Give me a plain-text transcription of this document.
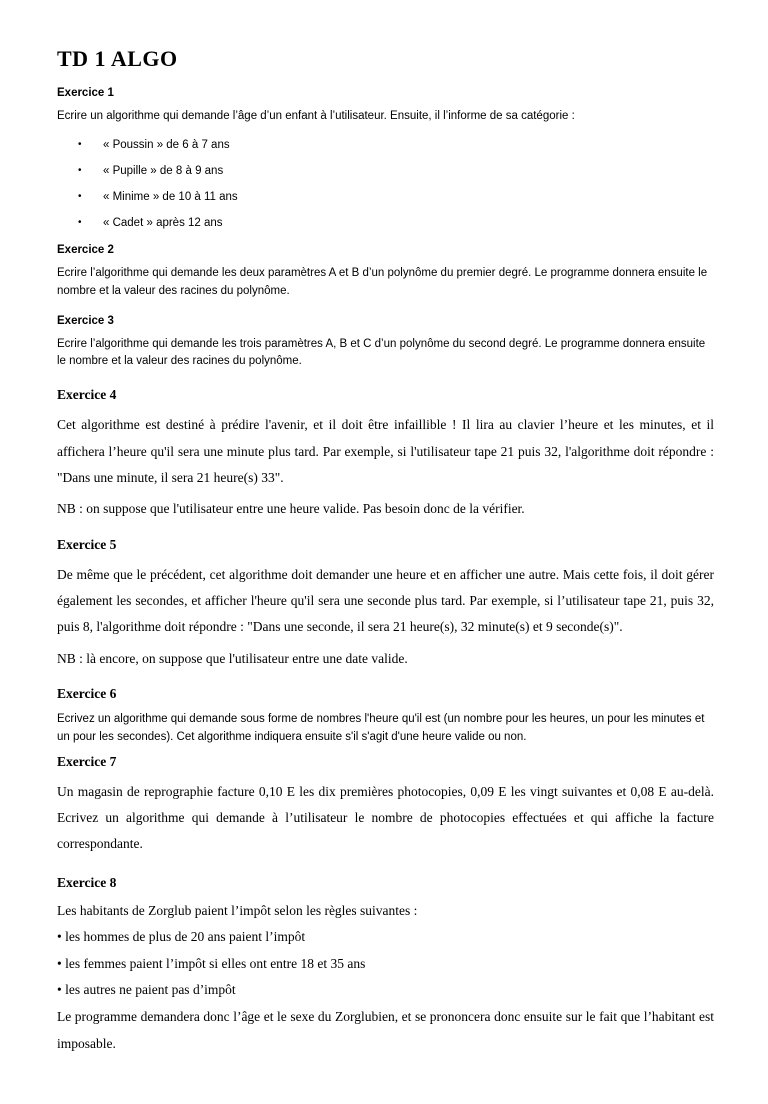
TD 1 ALGO
Exercice 1

Ecrire un algorithme qui demande l’âge d’un enfant à l’utilisateur. Ensuite, il l’informe de sa catégorie :

• « Poussin » de 6 à 7 ans
• « Pupille » de 8 à 9 ans
• « Minime » de 10 à 11 ans
• « Cadet » après 12 ans
Exercice 2

Ecrire l’algorithme qui demande les deux paramètres A et B d’un polynôme du premier degré. Le programme donnera ensuite le nombre et la valeur des racines du polynôme.

Exercice 3

Ecrire l’algorithme qui demande les trois paramètres A, B et C d’un polynôme du second degré. Le programme donnera ensuite le nombre et la valeur des racines du polynôme.

Exercice 4

Cet algorithme est destiné à prédire l'avenir, et il doit être infaillible ! Il lira au clavier l’heure et les minutes, et il affichera l’heure qu'il sera une minute plus tard. Par exemple, si l'utilisateur tape 21 puis 32, l'algorithme doit répondre : "Dans une minute, il sera 21 heure(s) 33".

NB : on suppose que l'utilisateur entre une heure valide. Pas besoin donc de la vérifier.

Exercice 5

De même que le précédent, cet algorithme doit demander une heure et en afficher une autre. Mais cette fois, il doit gérer également les secondes, et afficher l'heure qu'il sera une seconde plus tard. Par exemple, si l’utilisateur tape 21, puis 32, puis 8, l'algorithme doit répondre : "Dans une seconde, il sera 21 heure(s), 32 minute(s) et 9 seconde(s)".

NB : là encore, on suppose que l'utilisateur entre une date valide.

Exercice 6

Ecrivez un algorithme qui demande sous forme de nombres l'heure qu'il est (un nombre pour les heures, un pour les minutes et un pour les secondes). Cet algorithme indiquera ensuite s'il s'agit d'une heure valide ou non.

Exercice 7

Un magasin de reprographie facture 0,10 E les dix premières photocopies, 0,09 E les vingt suivantes et 0,08 E au-delà. Ecrivez un algorithme qui demande à l’utilisateur le nombre de photocopies effectuées et qui affiche la facture correspondante.

Exercice 8

Les habitants de Zorglub paient l’impôt selon les règles suivantes :

• les hommes de plus de 20 ans paient l’impôt
• les femmes paient l’impôt si elles ont entre 18 et 35 ans
• les autres ne paient pas d’impôt

Le programme demandera donc l’âge et le sexe du Zorglubien, et se prononcera donc ensuite sur le fait que l’habitant est imposable.
